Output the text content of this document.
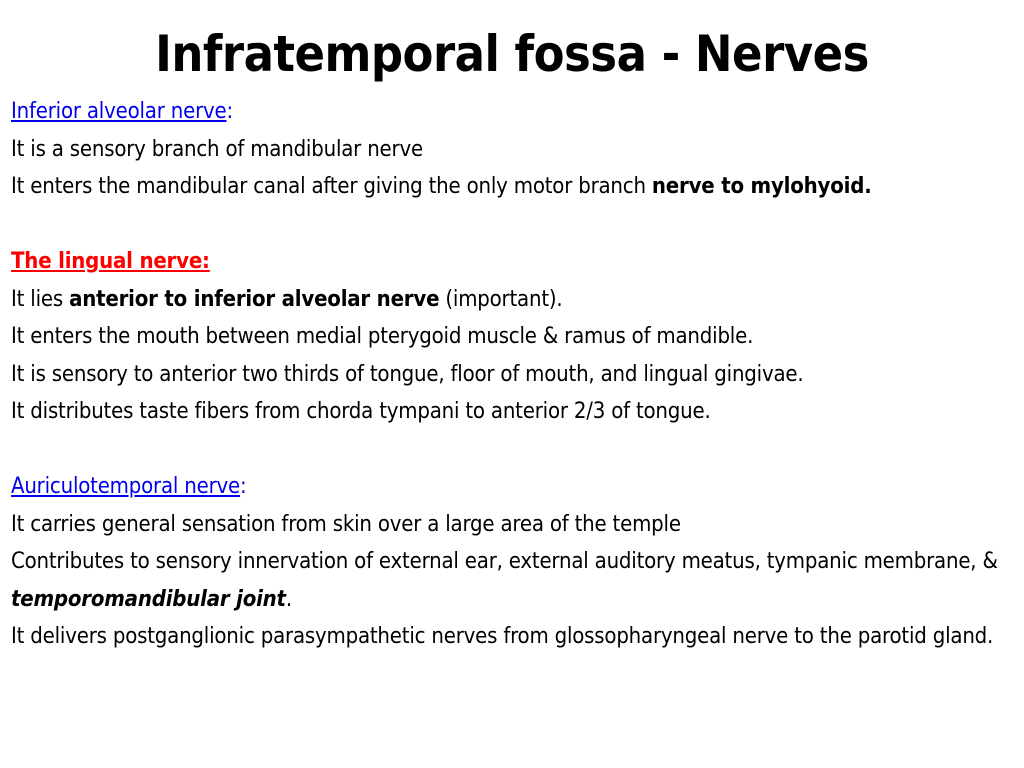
Infratemporal fossa - Nerves

Inferior alveolar nerve:

It is a sensory branch of mandibular nerve

It enters the mandibular canal after giving the only motor branch nerve to mylohyoid.

The lingual nerve:

It lies anterior to inferior alveolar nerve (important).

It enters the mouth between medial pterygoid muscle & ramus of mandible.

It is sensory to anterior two thirds of tongue, floor of mouth, and lingual gingivae.

It distributes taste fibers from chorda tympani to anterior 2/3 of tongue.

Auriculotemporal nerve:

It carries general sensation from skin over a large area of the temple

Contributes to sensory innervation of external ear, external auditory meatus, tympanic membrane, & temporomandibular joint.

It delivers postganglionic parasympathetic nerves from glossopharyngeal nerve to the parotid gland.
